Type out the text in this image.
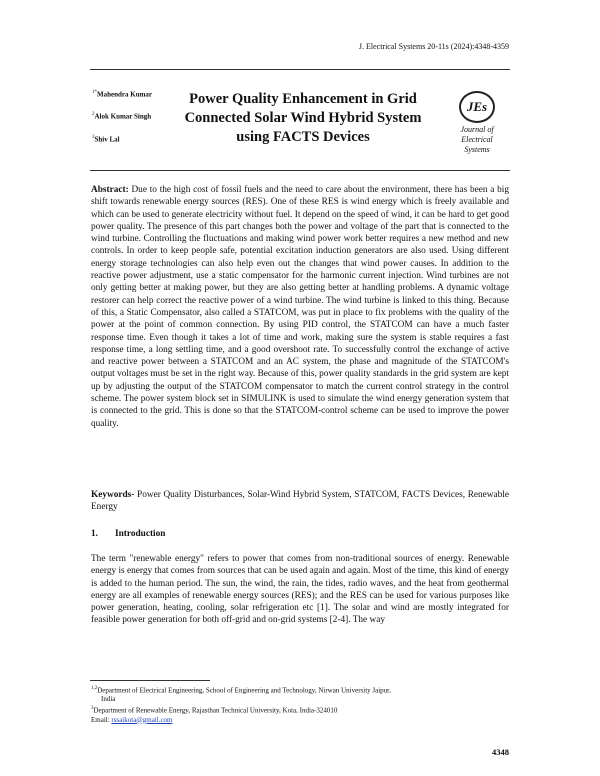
J. Electrical Systems 20-11s (2024):4348-4359
$^{1*}$Mahendra Kumar
$^2$Alok Kumar Singh
$^3$Shiv Lal
Power Quality Enhancement in Grid
Connected Solar Wind Hybrid System
using FACTS Devices
JEs
Journal of
Electrical
Systems
Abstract: Due to the high cost of fossil fuels and the need to care about the environment, there has been a big shift towards renewable energy sources (RES). One of these RES is wind energy which is freely available and which can be used to generate electricity without fuel. It depend on the speed of wind, it can be hard to get good power quality. The presence of this part changes both the power and voltage of the part that is connected to the wind turbine. Controlling the fluctuations and making wind power work better requires a new method and new controls. In order to keep people safe, potential excitation induction generators are also used. Using different energy storage technologies can also help even out the changes that wind power causes. In addition to the reactive power adjustment, use a static compensator for the harmonic current injection. Wind turbines are not only getting better at making power, but they are also getting better at handling problems. A dynamic voltage restorer can help correct the reactive power of a wind turbine. The wind turbine is linked to this thing. Because of this, a Static Compensator, also called a STATCOM, was put in place to fix problems with the quality of the power at the point of common connection. By using PID control, the STATCOM can have a much faster response time. Even though it takes a lot of time and work, making sure the system is stable requires a fast response time, a long settling time, and a good overshoot rate. To successfully control the exchange of active and reactive power between a STATCOM and an AC system, the phase and magnitude of the STATCOM's output voltages must be set in the right way. Because of this, power quality standards in the grid system are kept up by adjusting the output of the STATCOM compensator to match the current control strategy in the control scheme. The power system block set in SIMULINK is used to simulate the wind energy generation system that is connected to the grid. This is done so that the STATCOM-control scheme can be used to improve the power quality.
Keywords- Power Quality Disturbances, Solar-Wind Hybrid System, STATCOM, FACTS Devices, Renewable Energy
1. Introduction
The term "renewable energy" refers to power that comes from non-traditional sources of energy. Renewable energy is energy that comes from sources that can be used again and again. Most of the time, this kind of energy is added to the human period. The sun, the wind, the rain, the tides, radio waves, and the heat from geothermal energy are all examples of renewable energy sources (RES); and the RES can be used for various purposes like power generation, heating, cooling, solar refrigeration etc [1]. The solar and wind are mostly integrated for feasible power generation for both off-grid and on-grid systems [2-4]. The way
$^{1,2}$Department of Electrical Engineering, School of Engineering and Technology, Nirwan University Jaipur,
India
$^3$Department of Renewable Energy, Rajasthan Technical University, Kota, India-324010
Email: rssaikota@gmail.com
4348
